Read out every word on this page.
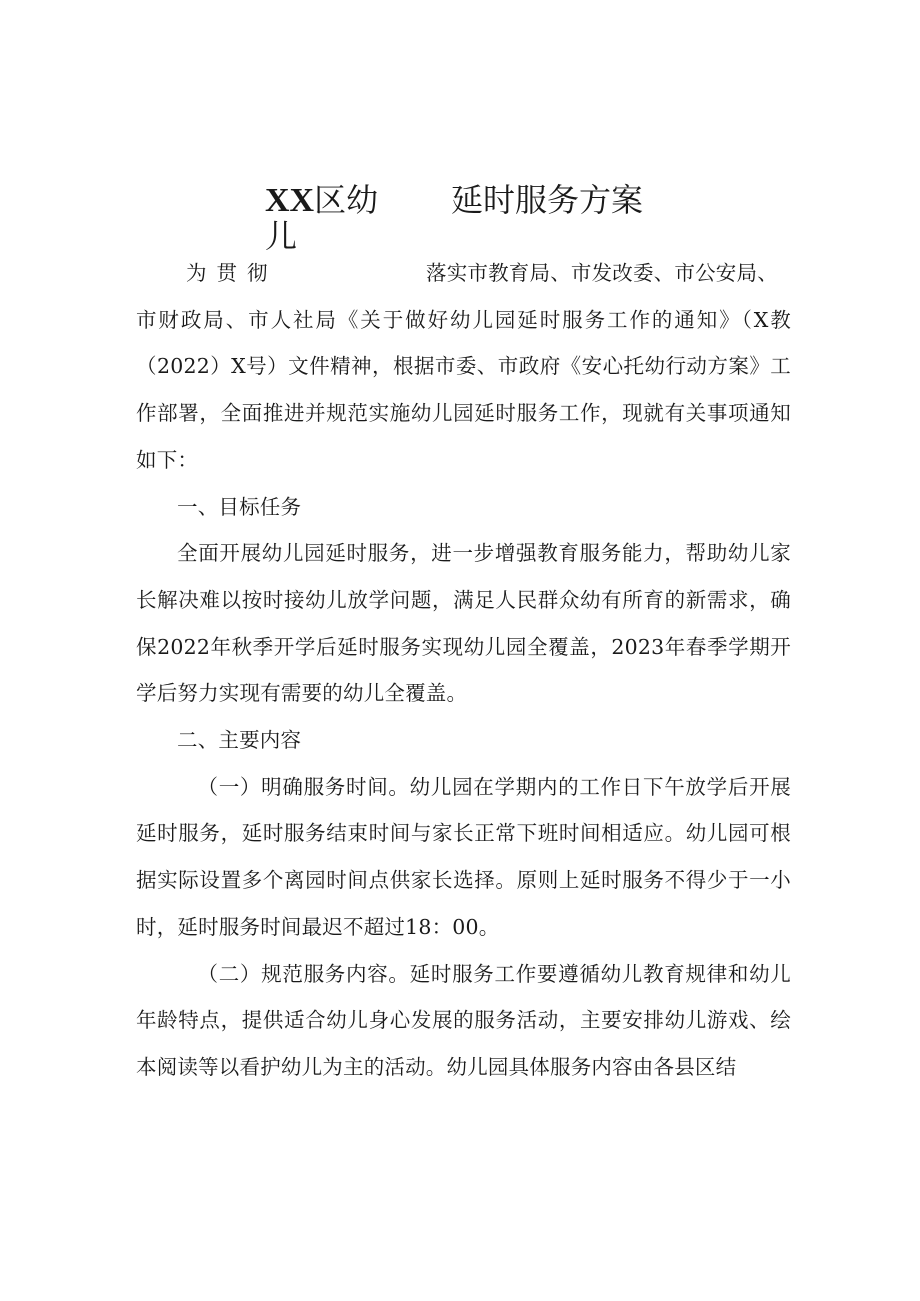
XX区幼 延时服务方案
儿
为贯彻	落实市教育局、市发改委、市公安局、

市财政局、市人社局《关于做好幼儿园延时服务工作的通知》（X教（2022）X号）文件精神，根据市委、市政府《安心托幼行动方案》工作部署，全面推进并规范实施幼儿园延时服务工作，现就有关事项通知如下：

一、目标任务

全面开展幼儿园延时服务，进一步增强教育服务能力，帮助幼儿家长解决难以按时接幼儿放学问题，满足人民群众幼有所育的新需求，确保2022年秋季开学后延时服务实现幼儿园全覆盖，2023年春季学期开学后努力实现有需要的幼儿全覆盖。

二、主要内容

（一）明确服务时间。幼儿园在学期内的工作日下午放学后开展延时服务，延时服务结束时间与家长正常下班时间相适应。幼儿园可根据实际设置多个离园时间点供家长选择。原则上延时服务不得少于一小时，延时服务时间最迟不超过18：00。

（二）规范服务内容。延时服务工作要遵循幼儿教育规律和幼儿年龄特点，提供适合幼儿身心发展的服务活动，主要安排幼儿游戏、绘本阅读等以看护幼儿为主的活动。幼儿园具体服务内容由各县区结
